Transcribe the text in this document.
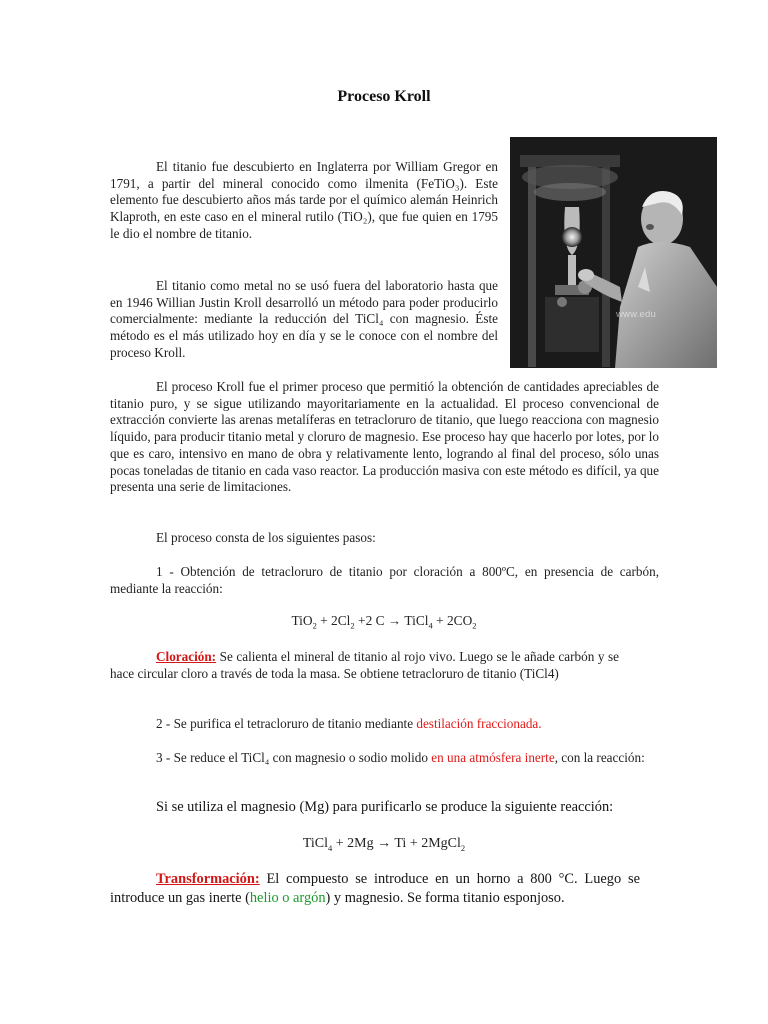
Proceso Kroll
www.edu
El titanio fue descubierto en Inglaterra por William Gregor en 1791, a partir del mineral conocido como ilmenita (FeTiO₃). Este elemento fue descubierto años más tarde por el químico alemán Heinrich Klaproth, en este caso en el mineral rutilo (TiO₂), que fue quien en 1795 le dio el nombre de titanio.
El titanio como metal no se usó fuera del laboratorio hasta que en 1946 Willian Justin Kroll desarrolló un método para poder producirlo comercialmente: mediante la reducción del TiCl₄ con magnesio. Éste método es el más utilizado hoy en día y se le conoce con el nombre del proceso Kroll.
El proceso Kroll fue el primer proceso que permitió la obtención de cantidades apreciables de titanio puro, y se sigue utilizando mayoritariamente en la actualidad. El proceso convencional de extracción convierte las arenas metalíferas en tetracloruro de titanio, que luego reacciona con magnesio líquido, para producir titanio metal y cloruro de magnesio. Ese proceso hay que hacerlo por lotes, por lo que es caro, intensivo en mano de obra y relativamente lento, logrando al final del proceso, sólo unas pocas toneladas de titanio en cada vaso reactor. La producción masiva con este método es difícil, ya que presenta una serie de limitaciones.
El proceso consta de los siguientes pasos:
1 - Obtención de tetracloruro de titanio por cloración a 800ºC, en presencia de carbón, mediante la reacción:
$TiO_2 + 2Cl_2 +2$ C → TiCl$_4$ + $2CO_2$
Cloración: Se calienta el mineral de titanio al rojo vivo. Luego se le añade carbón y se hace circular cloro a través de toda la masa. Se obtiene tetracloruro de titanio (TiCl4)
2 - Se purifica el tetracloruro de titanio mediante destilación fraccionada.
3 - Se reduce el TiCl₄ con magnesio o sodio molido en una atmósfera inerte, con la reacción:
Si se utiliza el magnesio (Mg) para purificarlo se produce la siguiente reacción:
TiCl$_4$ + 2Mg → Ti + 2MgCl$_2$
Transformación: El compuesto se introduce en un horno a 800 °C. Luego se introduce un gas inerte (helio o argón) y magnesio. Se forma titanio esponjoso.
